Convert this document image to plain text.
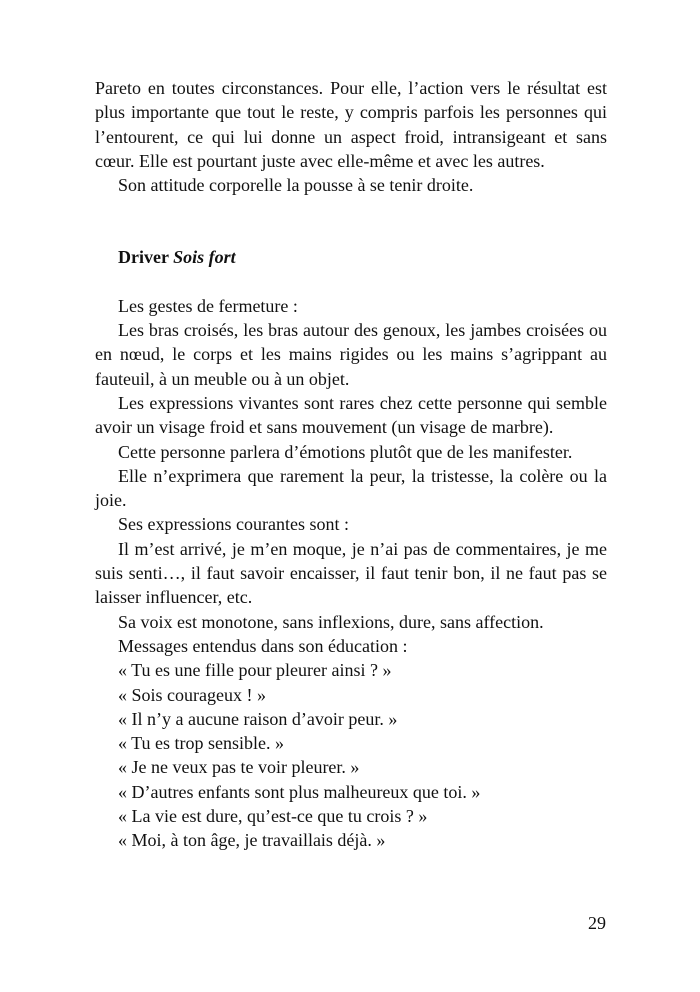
Pareto en toutes circonstances. Pour elle, l’action vers le résultat est plus importante que tout le reste, y compris parfois les personnes qui l’entourent, ce qui lui donne un aspect froid, intransigeant et sans cœur. Elle est pourtant juste avec elle-même et avec les autres.

Son attitude corporelle la pousse à se tenir droite.

Driver Sois fort

Les gestes de fermeture :

Les bras croisés, les bras autour des genoux, les jambes croisées ou en nœud, le corps et les mains rigides ou les mains s’agrippant au fauteuil, à un meuble ou à un objet.

Les expressions vivantes sont rares chez cette personne qui semble avoir un visage froid et sans mouvement (un visage de marbre).

Cette personne parlera d’émotions plutôt que de les manifester.

Elle n’exprimera que rarement la peur, la tristesse, la colère ou la joie.

Ses expressions courantes sont :

Il m’est arrivé, je m’en moque, je n’ai pas de commentaires, je me suis senti…, il faut savoir encaisser, il faut tenir bon, il ne faut pas se laisser influencer, etc.

Sa voix est monotone, sans inflexions, dure, sans affection.

Messages entendus dans son éducation :

« Tu es une fille pour pleurer ainsi ? »

« Sois courageux ! »

« Il n’y a aucune raison d’avoir peur. »

« Tu es trop sensible. »

« Je ne veux pas te voir pleurer. »

« D’autres enfants sont plus malheureux que toi. »

« La vie est dure, qu’est-ce que tu crois ? »

« Moi, à ton âge, je travaillais déjà. »

29
